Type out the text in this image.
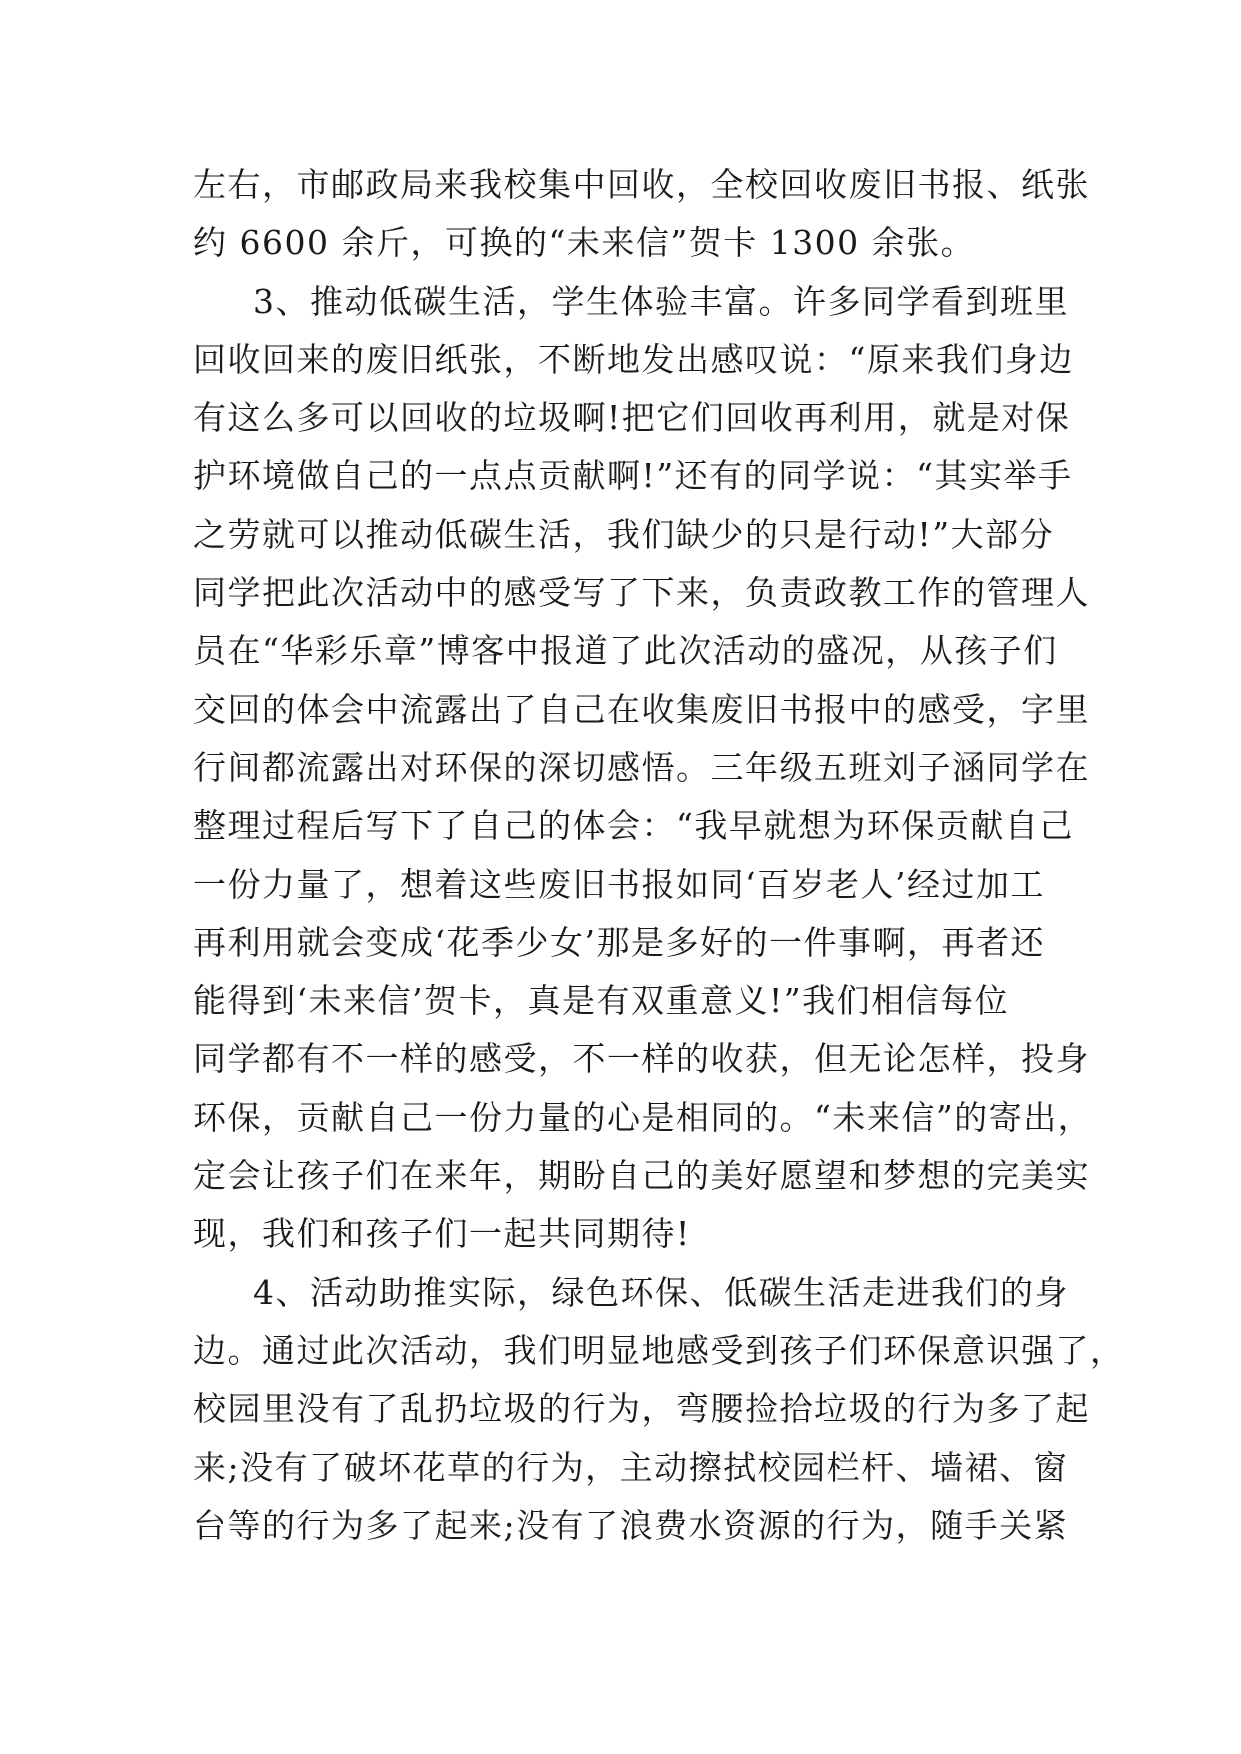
左右，市邮政局来我校集中回收，全校回收废旧书报、纸张
约 6600 余斤，可换的“未来信”贺卡 1300 余张。
3、推动低碳生活，学生体验丰富。许多同学看到班里
回收回来的废旧纸张，不断地发出感叹说：“原来我们身边
有这么多可以回收的垃圾啊!把它们回收再利用，就是对保
护环境做自己的一点点贡献啊!”还有的同学说：“其实举手
之劳就可以推动低碳生活，我们缺少的只是行动!”大部分
同学把此次活动中的感受写了下来，负责政教工作的管理人
员在“华彩乐章”博客中报道了此次活动的盛况，从孩子们
交回的体会中流露出了自己在收集废旧书报中的感受，字里
行间都流露出对环保的深切感悟。三年级五班刘子涵同学在
整理过程后写下了自己的体会：“我早就想为环保贡献自己
一份力量了，想着这些废旧书报如同‘百岁老人’经过加工
再利用就会变成‘花季少女’那是多好的一件事啊，再者还
能得到‘未来信’贺卡，真是有双重意义!”我们相信每位
同学都有不一样的感受，不一样的收获，但无论怎样，投身
环保，贡献自己一份力量的心是相同的。“未来信”的寄出，
定会让孩子们在来年，期盼自己的美好愿望和梦想的完美实
现，我们和孩子们一起共同期待!
4、活动助推实际，绿色环保、低碳生活走进我们的身
边。通过此次活动，我们明显地感受到孩子们环保意识强了，
校园里没有了乱扔垃圾的行为，弯腰捡拾垃圾的行为多了起
来;没有了破坏花草的行为，主动擦拭校园栏杆、墙裙、窗
台等的行为多了起来;没有了浪费水资源的行为，随手关紧
